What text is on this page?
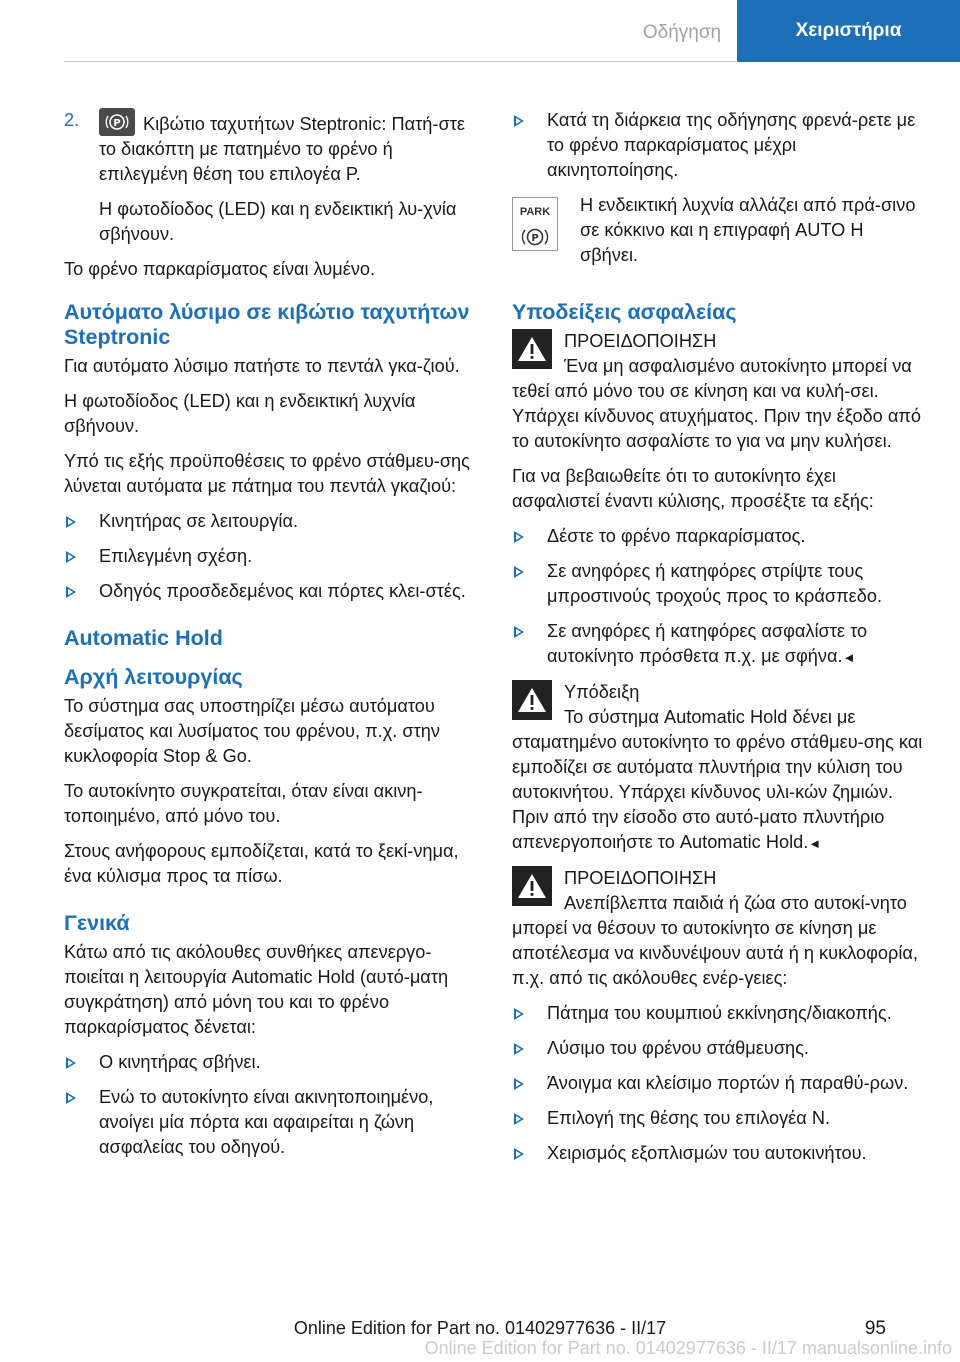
Οδήγηση	Χειριστήρια
2.	P Κιβώτιο ταχυτήτων Steptronic: Πατή‐στε το διακόπτη με πατημένο το φρένο ή επιλεγμένη θέση του επιλογέα P.

Η φωτοδίοδος (LED) και η ενδεικτική λυ‐χνία σβήνουν.

Το φρένο παρκαρίσματος είναι λυμένο.

Αυτόματο λύσιμο σε κιβώτιο ταχυτήτων Steptronic

Για αυτόματο λύσιμο πατήστε το πεντάλ γκα‐ζιού.

Η φωτοδίοδος (LED) και η ενδεικτική λυχνία σβήνουν.

Υπό τις εξής προϋποθέσεις το φρένο στάθμευ‐σης λύνεται αυτόματα με πάτημα του πεντάλ γκαζιού:

Κινητήρας σε λειτουργία.
Επιλεγμένη σχέση.
Οδηγός προσδεδεμένος και πόρτες κλει‐στές.
Automatic Hold
Αρχή λειτουργίας

Το σύστημα σας υποστηρίζει μέσω αυτόματου δεσίματος και λυσίματος του φρένου, π.χ. στην κυκλοφορία Stop & Go.

Το αυτοκίνητο συγκρατείται, όταν είναι ακινη‐τοποιημένο, από μόνο του.

Στους ανήφορους εμποδίζεται, κατά το ξεκί‐νημα, ένα κύλισμα προς τα πίσω.

Γενικά

Κάτω από τις ακόλουθες συνθήκες απενεργο‐ποιείται η λειτουργία Automatic Hold (αυτό‐ματη συγκράτηση) από μόνη του και το φρένο παρκαρίσματος δένεται:

Ο κινητήρας σβήνει.
Ενώ το αυτοκίνητο είναι ακινητοποιημένο, ανοίγει μία πόρτα και αφαιρείται η ζώνη ασφαλείας του οδηγού.
Κατά τη διάρκεια της οδήγησης φρενά‐ρετε με το φρένο παρκαρίσματος μέχρι ακινητοποίησης.
PARK
P

Η ενδεικτική λυχνία αλλάζει από πρά‐σινο σε κόκκινο και η επιγραφή AUTO H σβήνει.

Υποδείξεις ασφαλείας
ΠΡΟΕΙΔΟΠΟΙΗΣΗ
Ένα μη ασφαλισμένο αυτοκίνητο μπορεί να τεθεί από μόνο του σε κίνηση και να κυλή‐σει. Υπάρχει κίνδυνος ατυχήματος. Πριν την έξοδο από το αυτοκίνητο ασφαλίστε το για να μην κυλήσει.

Για να βεβαιωθείτε ότι το αυτοκίνητο έχει ασφαλιστεί έναντι κύλισης, προσέξτε τα εξής:

Δέστε το φρένο παρκαρίσματος.
Σε ανηφόρες ή κατηφόρες στρίψτε τους μπροστινούς τροχούς προς το κράσπεδο.
Σε ανηφόρες ή κατηφόρες ασφαλίστε το αυτοκίνητο πρόσθετα π.χ. με σφήνα.◄
Υπόδειξη
Το σύστημα Automatic Hold δένει με σταματημένο αυτοκίνητο το φρένο στάθμευ‐σης και εμποδίζει σε αυτόματα πλυντήρια την κύλιση του αυτοκινήτου. Υπάρχει κίνδυνος υλι‐κών ζημιών. Πριν από την είσοδο στο αυτό‐ματο πλυντήριο απενεργοποιήστε το Automatic Hold.◄
ΠΡΟΕΙΔΟΠΟΙΗΣΗ
Ανεπίβλεπτα παιδιά ή ζώα στο αυτοκί‐νητο μπορεί να θέσουν το αυτοκίνητο σε κίνηση με αποτέλεσμα να κινδυνέψουν αυτά ή η κυκλοφορία, π.χ. από τις ακόλουθες ενέρ‐γειες:
Πάτημα του κουμπιού εκκίνησης/διακοπής.
Λύσιμο του φρένου στάθμευσης.
Άνοιγμα και κλείσιμο πορτών ή παραθύ‐ρων.
Επιλογή της θέσης του επιλογέα N.
Χειρισμός εξοπλισμών του αυτοκινήτου.
95
Online Edition for Part no. 01402977636 - II/17
Online Edition for Part no. 01402977636 - II/17 manualsonline.info
